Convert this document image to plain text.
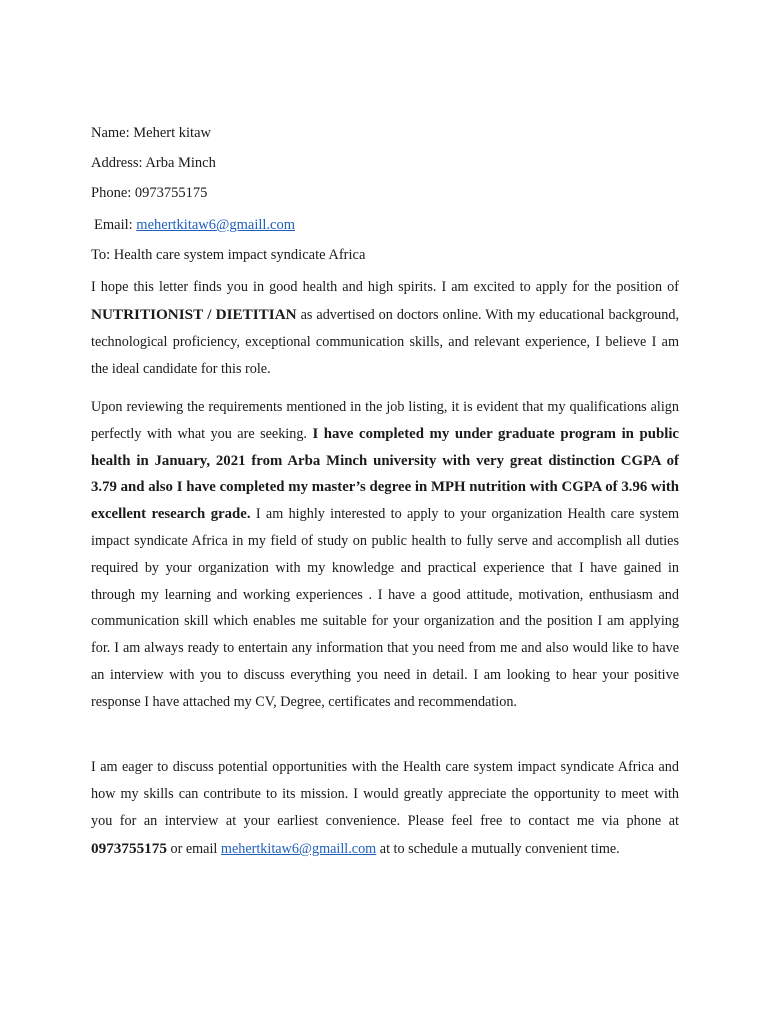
Name: Mehert kitaw
Address: Arba Minch
Phone: 0973755175
Email: mehertkitaw6@gmaill.com
To: Health care system impact syndicate Africa

I hope this letter finds you in good health and high spirits. I am excited to apply for the position of NUTRITIONIST / DIETITIAN as advertised on doctors online. With my educational background, technological proficiency, exceptional communication skills, and relevant experience, I believe I am the ideal candidate for this role.

Upon reviewing the requirements mentioned in the job listing, it is evident that my qualifications align perfectly with what you are seeking. I have completed my under graduate program in public health in January, 2021 from Arba Minch university with very great distinction CGPA of 3.79 and also I have completed my master’s degree in MPH nutrition with CGPA of 3.96 with excellent research grade. I am highly interested to apply to your organization Health care system impact syndicate Africa in my field of study on public health to fully serve and accomplish all duties required by your organization with my knowledge and practical experience that I have gained in through my learning and working experiences . I have a good attitude, motivation, enthusiasm and communication skill which enables me suitable for your organization and the position I am applying for. I am always ready to entertain any information that you need from me and also would like to have an interview with you to discuss everything you need in detail. I am looking to hear your positive response I have attached my CV, Degree, certificates and recommendation.

I am eager to discuss potential opportunities with the Health care system impact syndicate Africa and how my skills can contribute to its mission. I would greatly appreciate the opportunity to meet with you for an interview at your earliest convenience. Please feel free to contact me via phone at 0973755175 or email mehertkitaw6@gmaill.com at to schedule a mutually convenient time.
